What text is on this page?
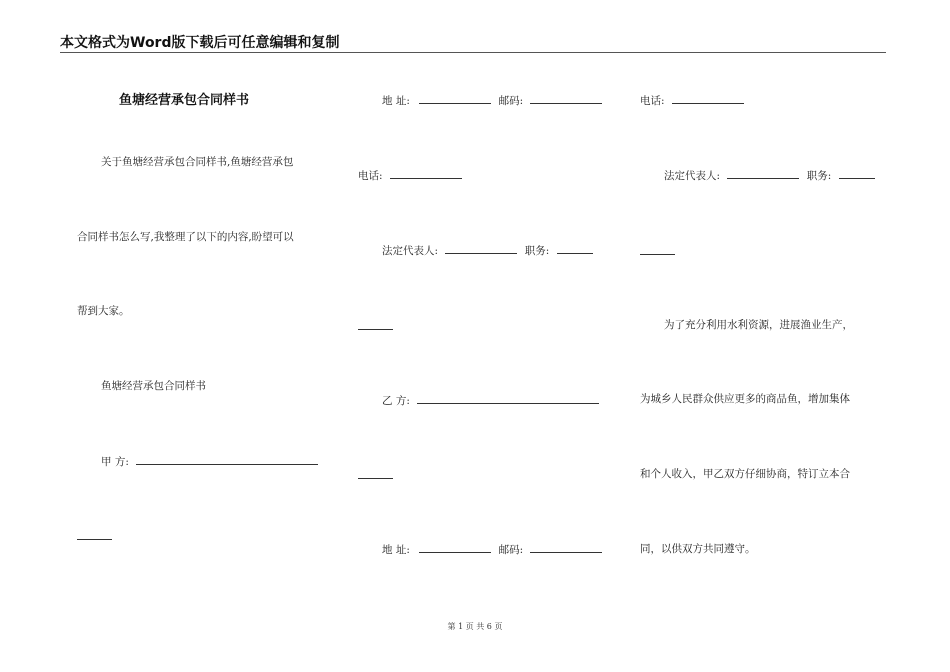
本文格式为Word版下载后可任意编辑和复制
鱼塘经营承包合同样书
关于鱼塘经营承包合同样书,鱼塘经营承包
合同样书怎么写,我整理了以下的内容,盼望可以
帮到大家。
鱼塘经营承包合同样书
甲 方:
地 址:	邮码:
电话:
法定代表人:	职务:
乙 方:
地 址:	邮码:
电话:
法定代表人:	职务:
为了充分利用水利资源，进展渔业生产，
为城乡人民群众供应更多的商品鱼，增加集体
和个人收入，甲乙双方仔细协商，特订立本合
同，以供双方共同遵守。
第 1 页 共 6 页
